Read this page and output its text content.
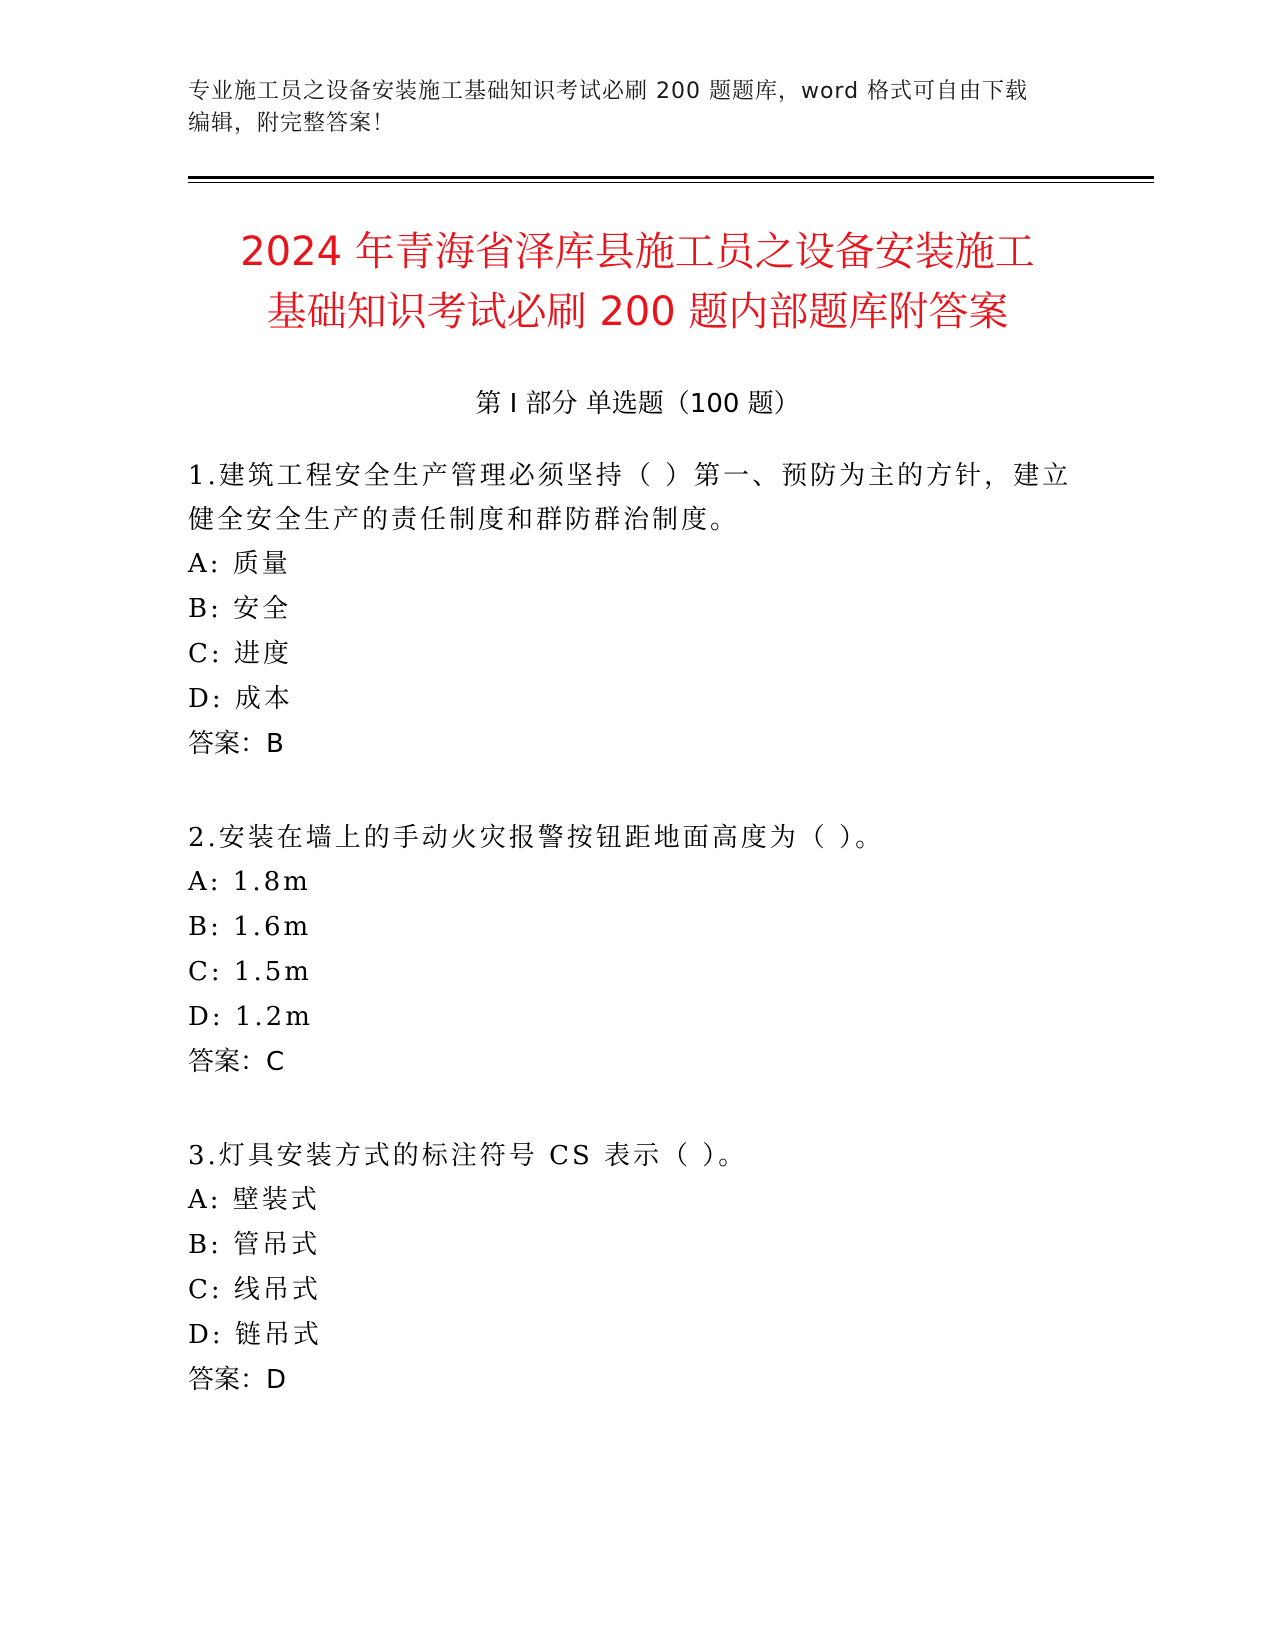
专业施工员之设备安装施工基础知识考试必刷 200 题题库，word 格式可自由下载
编辑，附完整答案！
2024 年青海省泽库县施工员之设备安装施工
基础知识考试必刷 200 题内部题库附答案
第 I 部分 单选题（100 题）

1.建筑工程安全生产管理必须坚持（ ）第一、预防为主的方针，建立

健全安全生产的责任制度和群防群治制度。

A: 质量

B: 安全

C: 进度

D: 成本

答案：B

2.安装在墙上的手动火灾报警按钮距地面高度为（ ）。

A: 1.8m

B: 1.6m

C: 1.5m

D: 1.2m

答案：C

3.灯具安装方式的标注符号 CS 表示（ ）。

A: 壁装式

B: 管吊式

C: 线吊式

D: 链吊式

答案：D
